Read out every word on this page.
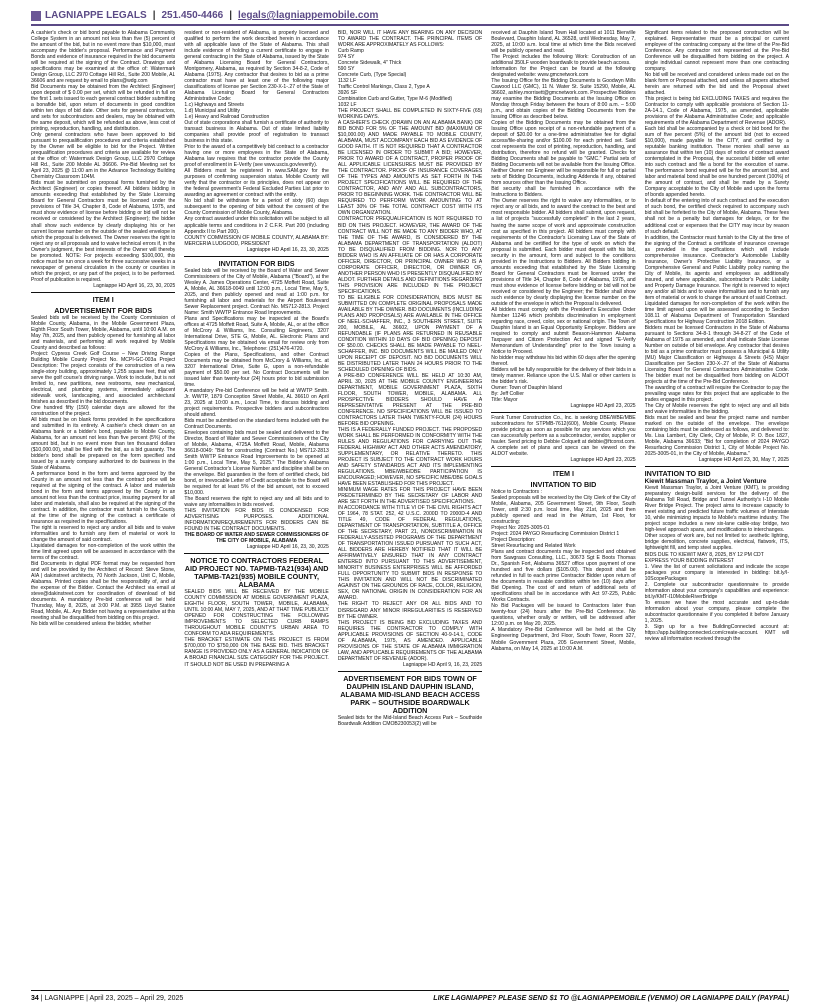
LAGNIAPPE LEGALS | 251.450-4466 | legals@lagniappemobile.com

A cashier's check or bid bond payable to Alabama Community College System in an amount not less than five (5) percent of the amount of the bid, but in no event more than $10,000, must accompany the bidder's proposal. Performance and Payment Bonds and evidence of insurance required in the bid documents will be required at the signing of the Contract. Drawings and specifications may be examined at the office of: Watermark Design Group, LLC 2970 Cottage Hill Rd., Suite 200 Mobile, AL 36606 and are request by email to plans@wdg.com

Bid Documents may be obtained from the Architect (Engineer) upon deposit of $ 0.00 per set, which will be refunded in full on the first 1 sets issued to each general contract bidder submitting a bonafide bid, upon return of documents in good condition within ten days of bid date. Other sets for general contractors, and sets for subcontractors and dealers, may be obtained with the same deposit, which will be refunded as above, less cost of printing, reproduction, handling, and distribution.

Only general contractors who have been approved to bid pursuant to prequalification procedures and criteria established by the Owner will be eligible to bid for the Project. Written prequalification procedures and criteria are available for review at the office of: Watermark Design Group, LLC 2970 Cottage Hill Rd., Suite 200 Mobile AL 36606. Pre-Bid Meeting set for April 23, 2025 @ 11:00 am in the Advance Technology Building Chemistry Classroom 104M.

Bids must be submitted on proposal forms furnished by the Architect (Engineer) or copies thereof. All bidders bidding in amounts exceeding that established by the State Licensing Board for General Contractors must be licensed under the provisions of Title 34, Chapter 8, Code of Alabama, 1975, and must show evidence of license before bidding or bid will not be received or considered by the Architect (Engineer); the bidder shall show such evidence by clearly displaying his or her current license number on the outside of the sealed envelope in which the proposal is delivered. The Owner reserves the right to reject any or all proposals and to waive technical errors if, in the Owner's judgment, the best interests of the Owner will thereby be promoted. NOTE: For projects exceeding $100,000, this notice must be run once a week for three successive weeks in a newspaper of general circulation in the county or counties in which the project, or any part of the project, is to be performed. Proof of publication is required.

Lagniappe HD April 16, 23, 30, 2025

ITEM I

ADVERTISEMENT FOR BIDS

Sealed bids will be received by the County Commission of Mobile County, Alabama, in the Mobile Government Plaza, Eighth Floor South Tower, Mobile, Alabama, until 10:00 A.M. on May 7th, 2025, and then publicly opened for furnishing all labor and materials, and performing all work required by Mobile County and described as follows:

Project: Cypress Creek Golf Course – New Driving Range Building Mobile County Project No. MCPI-GC-003a Project Description: The project consists of the construction of a new single-story building, approximately 1,255 square feet, that will serve the golf course's driving range. Work to include, but is not limited to, new partitions, new restrooms, new mechanical, electrical, and plumbing systems, immediately adjacent sidewalk work, landscaping, and associated architectural finishes as described in the bid documents.

One hundred fifty (150) calendar days are allowed for the construction of the project.

All bids must be on blank forms provided in the specifications and submitted in its entirety. A cashier's check drawn on an Alabama bank or a bidder's bond, payable to Mobile County, Alabama, for an amount not less than five percent (5%) of the amount bid, but in no event more than ten thousand dollars ($10,000.00), shall be filed with the bid, as a bid guaranty. The bidder's bond shall be prepared on the form specified and issued by a surety company authorized to do business in the State of Alabama.

A performance bond in the form and terms approved by the County in an amount not less than the contract price will be required at the signing of the contract. A labor and materials bond in the form and terms approved by the County in an amount not less than the contract price, insuring payment for all labor and materials, shall also be required at the signing of the contract. In addition, the contractor must furnish to the County at the time of the signing of the contract a certificate of insurance as required in the specifications.

The right is reserved to reject any and/or all bids and to waive informalities and to furnish any item of material or work to change the amount of said contract.

Liquidated damages for non-completion of the work within the time limit agreed upon will be assessed in accordance with the terms of the contract.

Bid Documents in digital PDF format may be requested from and will be provided by the Architect of Record: Steve Stone, AIA | dakinstreet architects, 70 North Jackson, Unit C, Mobile, Alabama. Printed copies shall be the responsibility of, and at the expense of the Bidder. Contact the Architect via email at steve@dakinstreet.com for coordination of download of bid documents. A mandatory Pre-bid conference will be held Thursday, May 8, 2025, at 3:00 P.M. at 3955 Lloyd Station Road, Mobile, AL. Any Bidder not having a representative at this meeting shall be disqualified from bidding on this project.

No bids will be considered unless the bidder, whether

resident or non-resident of Alabama, is properly licensed and qualified to perform the work described herein in accordance with all applicable laws of the State of Alabama. This shall include evidence of holding a current certificate to engage in general contracting in the State of Alabama, issued by the State of Alabama Licensing Board for General Contractors, Montgomery, Alabama, as required by Section 34-8-2, Code of Alabama (1975). Any contractor that desires to bid as a prime contractor must have at least one of the following major classifications of license per Section 230-X-1-.27 of the State of Alabama Licensing Board for General Contractors Administrative Code:

1.c) Highways and Streets

1.d) Municipal and Utility

1.e) Heavy and Railroad Construction

Out of state corporations shall furnish a certificate of authority to transact business in Alabama. Out of state limited liability companies shall provide proof of registration to transact business in this state.

Prior to the award of a competitively bid contract to a contractor having one or more employees in the State of Alabama, Alabama law requires that the contractor provide the County proof of enrollment in E-Verify (see www.uscis.gov/everify).

All Bidders must be registered in www.SAM.gov for the purposes of confirming suspension status. Mobile County will verify that the contractor or its principles, does not appear on the federal government's Federal Excluded Parties List prior to awarding an agreement or contract with the entity.

No bid shall be withdrawn for a period of sixty (60) days subsequent to the opening of bids without the consent of the County Commission of Mobile County, Alabama.

Any contract awarded under this solicitation will be subject to all applicable terms and conditions in 2 C.F.R. Part 200 (including Appendix II to Part 200).

COUNTY COMMISSION OF MOBILE COUNTY, ALABAMA BY: MERCERIA LUDGOOD, PRESIDENT

Lagniappe HD April 16, 23, 30, 2025

INVITATION FOR BIDS

Sealed bids will be received by the Board of Water and Sewer Commissioners of the City of Mobile, Alabama ("Board"), at the Wesley A. James Operations Center, 4725 Moffett Road, Suite A, Mobile, AL 36618-0049 until 12:00 p.m., Local Time, May 5, 2025, and then publicly opened and read at 1:00 p.m. for furnishing all labor and materials for the Airport Boulevard Sewer Replacement project. Contract No. MS712-2813. Project Name: Smith WWTP Entrance Road Improvements.

Plans and Specifications may be inspected at the Board's offices at 4725 Moffett Road, Suite A, Mobile, AL, or at the office of McCrory & Williams, Inc. Consulting Engineers, 3207 International Drive, STE G, Mobile, AL. Electronic Plans and Specifications may be obtained via email for review only from McCrory & Williams, Inc., Telephone: (251)476-4720.

Copies of the Plans, Specifications, and other Contract Documents may be obtained from McCrory & Williams, Inc. at 3207 International Drive, Suite G, upon a non-refundable payment of $50.00 per set. No Contract Documents will be issued later than twenty-four (24) hours prior to bid submission time.

A mandatory Pre-bid Conference will be held at WWTP Smith. Jr. WWTP, 1879 Conception Street Mobile, AL 36610 on April 23, 2025 at 10:00 a.m., Local Time, to discuss bidding and project requirements. Prospective bidders and subcontractors should attend.

Bids must be submitted on the standard forms included with the Contract Documents.

Envelopes containing bids must be sealed and delivered to the Director, Board of Water and Sewer Commissioners of the City of Mobile, Alabama, 4725A Moffett Road, Mobile, Alabama 36618-0049: "Bid for constructing (Contract No.) MS712-2813 Smith WWTP Entrance Road Improvements to be opened at 1:00 p.m., Local Time, May 5, 2025." The Bidder's Alabama General Contractor's License Number and discipline shall be on the envelope. Bid guaranties in the form of certified check, bid bond, or irrevocable Letter of Credit acceptable to the Board will be required for at least 5% of the bid amount, not to exceed $10,000.

The Board reserves the right to reject any and all bids and to waive any informalities in bids received.

THIS INVITATION FOR BIDS IS CONDENSED FOR ADVERTISING PURPOSES. ADDITIONAL INFORMATION/REQUIREMENTS FOR BIDDERS CAN BE FOUND IN THE CONTRACT DOCUMENTS.

THE BOARD OF WATER AND SEWER COMMISSIONERS OF THE CITY OF MOBILE, ALABAMA

Lagniappe HD April 16, 23, 30, 2025

NOTICE TO CONTRACTORS FEDERAL AID PROJECT NO. TAPMB-TA21(934) AND TAPMB-TA21(935) MOBILE COUNTY, ALABAMA

SEALED BIDS WILL BE RECEIVED BY THE MOBILE COUNTY COMMISSION AT MOBILE GOVERNMENT PLAZA, EIGHTH FLOOR, SOUTH TOWER, MOBILE, ALABAMA, UNTIL 10:00 AM, MAY 7, 2025, AND AT THAT TIME PUBLICLY OPENED FOR CONSTRUCTING THE FOLLOWING IMPROVEMENTS TO SELECTED CURB RAMPS THROUGHOUT MOBILE COUNTY'S URBAN AREA TO CONFORM TO ADA REQUIREMENTS.

THE BRACKET ESTIMATE ON THIS PROJECT IS FROM $700,000 TO $750,000 ON THE BASE BID. THIS BRACKET RANGE IS PROVIDED ONLY AS A GENERAL INDICATION OF A BROAD FINANCIAL SIZE CATEGORY FOR THE PROJECT. IT SHOULD NOT BE USED IN PREPARING A

BID, NOR WILL IT HAVE ANY BEARING ON ANY DECISION TO AWARD THE CONTRACT. THE PRINCIPAL ITEMS OF WORK ARE APPROXIMATELY AS FOLLOWS:

Curb Ramp

974 SY

Concrete Sidewalk, 4" Thick

590 SY

Concrete Curb, (Type Special)

1132 LF

Traffic Control Markings, Class 2, Type A

3926 SF

Combination Curb and Gutter, Type M-6 (Modified)

1032 LF

THE PROJECT SHALL BE COMPLETED IN SIXTY-FIVE (65) WORKING DAYS.

A CASHIER'S CHECK (DRAWN ON AN ALABAMA BANK) OR BID BOND FOR 5% OF THE AMOUNT BID (MAXIMUM OF $10,000.00) AND MADE PAYABLE TO MOBILE COUNTY, ALABAMA, MUST ACCOMPANY EACH BID AS EVIDENCE OF GOOD FAITH. IT IS NOT REQUIRED THAT A CONTRACTOR BE LICENSED IN ORDER TO SUBMIT A BID; HOWEVER, PRIOR TO AWARD OF A CONTRACT, PROPER PROOF OF ALL APPLICABLE LICENSURES MUST BE PROVIDED BY THE CONTRACTOR. PROOF OF INSURANCE COVERAGES OF THE TYPES AND AMOUNTS AS SET FORTH IN THE PROJECT SPECIFICATIONS WILL BE REQUIRED OF THE CONTRACTOR, AND ANY AND ALL SUBCONTRACTORS, PRIOR TO BEGINNING WORK. THE CONTRACTOR WILL BE REQUIRED TO PERFORM WORK AMOUNTING TO AT LEAST 30% OF THE TOTAL CONTRACT COST WITH ITS OWN ORGANIZATION.

CONTRACTOR PREQUALIFICATION IS NOT REQUIRED TO BID ON THIS PROJECT. HOWEVER, THE AWARD OF THE CONTRACT WILL NOT BE MADE TO ANY BIDDER WHO, AT THE TIME OF THE AWARD, IS CONSIDERED BY THE ALABAMA DEPARTMENT OF TRANSPORTATION (ALDOT) TO BE DISQUALIFIED FROM BIDDING. NOR TO ANY BIDDER WHO IS AN AFFILIATE OF OR HAS A CORPORATE OFFICER, DIRECTOR, OR PRINCIPAL OWNER WHO IS A CORPORATE OFFICER, DIRECTOR, OR OWNER OF, ANOTHER PERSON WHO IS PRESENTLY DISQUALIFIED BY ALDOT. FURTHER DETAILS AND DEFINITIONS REGARDING THIS PROVISION ARE INCLUDED IN THE PROJECT SPECIFICATIONS.

TO BE ELIGIBLE FOR CONSIDERATION, BIDS MUST BE SUBMITTED ON COMPLETE ORIGINAL PROPOSALS MADE AVAILABLE BY THE OWNER. BID DOCUMENTS (INCLUDING PLANS AND PROPOSALS) ARE AVAILABLE IN THE OFFICE OF NEEL-SCHAFFER, INC., 3 SOUTHERN STREET, SUITE 200, MOBILE, AL 36602, UPON PAYMENT OF A REFUNDABLE (IF PLANS ARE RETURNED IN REUSABLE CONDITION WITHIN 10 DAYS OF BID OPENING) DEPOSIT OF $50.00. CHECKS SHALL BE MADE PAYABLE TO NEEL-SCHAFFER, INC. BID DOCUMENTS WILL BE MAILED ONLY UPON RECEIPT OF DEPOSIT. NO BID DOCUMENTS WILL BE DISTRIBUTED LATER THAN 24 HOURS PRIOR TO THE SCHEDULED OPENING OF BIDS.

A PRE-BID CONFERENCE WILL BE HELD AT 10:30 AM, APRIL 30, 2025 AT THE MOBILE COUNTY ENGINEERING DEPARTMENT, MOBILE GOVERNMENT PLAZA, SIXTH FLOOR, SOUTH TOWER, MOBILE, ALABAMA. ALL PROSPECTIVE BIDDERS SHOULD HAVE A REPRESENTATIVE PRESENT AT THE PRE-BID CONFERENCE. NO SPECIFICATIONS WILL BE ISSUED TO CONTRACTORS LATER THAN TWENTY-FOUR (24) HOURS BEFORE BID OPENING.

THIS IS A FEDERALLY FUNDED PROJECT. THE PROPOSED WORK SHALL BE PERFORMED IN CONFORMITY WITH THE RULES AND REGULATIONS FOR CARRYING OUT THE FEDERAL HIGHWAY ACT AND OTHER ACTS AMENDATORY, SUPPLEMENTARY, OR RELATIVE THERETO. THIS PROJECT IS SUBJECT TO THE CONTRACT WORK HOURS AND SAFETY STANDARDS ACT AND ITS IMPLEMENTING REGULATIONS. MBE/WBE/DBE PARTICIPATION IS ENCOURAGED; HOWEVER, NO SPECIFIC MBE/DBE GOALS HAVE BEEN ESTABLISHED FOR THIS PROJECT.

MINIMUM WAGE RATES FOR THIS PROJECT HAVE BEEN PREDETERMINED BY THE SECRETARY OF LABOR AND ARE SET FORTH IN THE ADVERTISED SPECIFICATIONS.

IN ACCORDANCE WITH TITLE VI OF THE CIVIL RIGHTS ACT OF 1964, 78 STAT. 252, 42 U.S.C. 2000D TO 2000D-4 AND TITLE 49, CODE OF FEDERAL REGULATIONS, DEPARTMENT OF TRANSPORTATION, SUBTITLE A, OFFICE OF THE SECRETARY, PART 21, NONDISCRIMINATION IN FEDERALLY-ASSISTED PROGRAMS OF THE DEPARTMENT OF TRANSPORTATION ISSUED PURSUANT TO SUCH ACT, ALL BIDDERS ARE HEREBY NOTIFIED THAT IT WILL BE AFFIRMATIVELY ENSURED THAT IN ANY CONTRACT ENTERED INTO PURSUANT TO THIS ADVERTISEMENT, MINORITY BUSINESS ENTERPRISES WILL BE AFFORDED FULL OPPORTUNITY TO SUBMIT BIDS IN RESPONSE TO THIS INVITATION AND WILL NOT BE DISCRIMINATED AGAINST ON THE GROUNDS OF RACE, COLOR, RELIGION, SEX, OR NATIONAL ORIGIN IN CONSIDERATION FOR AN AWARD.

THE RIGHT TO REJECT ANY OR ALL BIDS AND TO DISREGARD ANY MINOR IRREGULARITIES IS RESERVED BY THE OWNER.

THIS PROJECT IS BEING BID EXCLUDING TAXES AND REQUIRES THE CONTRACTOR TO COMPLY WITH APPLICABLE PROVISIONS OF SECTION 40-9-14.1, CODE OF ALABAMA, 1975, AS AMENDED. APPLICABLE PROVISIONS OF THE STATE OF ALABAMA IMMIGRATION LAW, AND APPLICABLE REQUIREMENTS OF THE ALABAMA DEPARTMENT OF REVENUE (ADOR).

Lagniappe HD April 9, 16, 23, 2025

ADVERTISEMENT FOR BIDS TOWN OF DAUPHIN ISLAND DAUPHIN ISLAND, ALABAMA MID-ISLAND BEACH ACCESS PARK – SOUTHSIDE BOARDWALK ADDITION

Sealed bids for the Mid-Island Beach Access Park – Southside Boardwalk Addition CMOB230053(2) will be

received at Dauphin Island Town Hall located at 1011 Bienville Boulevard, Dauphin Island, AL 36528, until Wednesday, May 7, 2025, at 10:00 a.m. local time at which time the Bids received will be publicly opened and read.

The Project includes the following Work: Construction of an additional 350LF wooden boardwalk to provide beach access.

Information for the Project can be found at the following designated website: www.gmcnetwork.com

The Issuing Office for the Bidding Documents is Goodwyn Mills Cawood LLC (GMC), 11 N. Water St. Suite 15290, Mobile, AL 36602, ashley.morrisett@gmcnetwork.com. Prospective Bidders may examine the Bidding Documents at the Issuing Office on Monday through Friday between the hours of 8:00 a.m. – 5:00 p.m., and obtain copies of the Bidding Documents from the Issuing Office as described below.

Copies of the Bidding Documents may be obtained from the Issuing Office upon receipt of a non-refundable payment of a deposit of $20.00 for a one-time administrative fee for digital access/file-sharing and/or $100.00 for each printed set. Said cost represents the cost of printing, reproduction, handling, and distribution, therefore no refund will be granted. Checks for Bidding Documents shall be payable to "GMC." Partial sets of Bidding Documents will not be available from the Issuing Office. Neither Owner nor Engineer will be responsible for full or partial sets of Bidding Documents, including Addenda if any, obtained from sources other than the Issuing Office.

Bid security shall be furnished in accordance with the Instructions to Bidders.

The Owner reserves the right to waive any informalities, or to reject any or all bids, and to award the contract to the best and most responsible bidder. All bidders shall submit, upon request, a list of projects "successfully completed" in the last 2 years, having the same scope of work and approximate construction cost as specified in this project. All bidders must comply with requirements of the Contractor's Licensing Law of the State of Alabama and be certified for the type of work on which the proposal is submitted. Each bidder must deposit with his bid, security in the amount, form and subject to the conditions provided in the Instructions to Bidders. All Bidders bidding in amounts exceeding that established by the State Licensing Board for General Contractors must be licensed under the provisions of Title 34, Chapter 8, Code of Alabama, 1975, and must show evidence of license before bidding or bid will not be received or considered by the Engineer; the Bidder shall show such evidence by clearly displaying the license number on the outside of the envelope in which the Proposal is delivered.

All bidders must comply with the President's Executive Order Number 11246 which prohibits discrimination in employment regarding race, creed, color, sex or national origin. The Town of Dauphin Island is an Equal Opportunity Employer. Bidders are required to comply and submit Beason-Hammon Alabama Taxpayer and Citizen Protection Act and signed "E-Verify Memorandum of Understanding" prior to the Town issuing a Notice to Proceed.

No bidder may withdraw his bid within 60 days after the opening thereof.

Bidders will be fully responsible for the delivery of their bids in a timely manner. Reliance upon the U.S. Mail or other carriers is the bidder's risk.

Owner: Town of Dauphin Island

By: Jeff Collier

Title: Mayor

Lagniappe HD April 23, 2025

Frank Turner Construction Co., Inc. is seeking DBE/WBE/MBE subcontractors for STPMB-7612(600), Mobile County. Please provide pricing as soon as possible for any services which you can successfully perform as a subcontractor, vendor, supplier or hauler. Send pricing to Debbie Colquett at debbie@ftconst.com. A complete set of plans and specs can be viewed on the ALDOT website.

Lagniappe HD April 23, 2025

ITEM I

INVITATION TO BID

Notice to Contractors :

Sealed proposals will be received by the City Clerk of the City of Mobile, Alabama, 205 Government Street, 9th Floor, South Tower, until 2:30 p.m. local time, May 21st, 2025 and then publicly opened and read in the Atrium, 1st Floor, for constructing:

Project No: 2025-3005-01

Project: 2024 PAYGO Resurfacing Commission District 1

Project Description:

Street Resurfacing and Related Work

Plans and contract documents may be inspected and obtained from Sawgrass Consulting, LLC., 30673 Sgt E Boots Thomas Dr., Spanish Fort, Alabama 36527 office upon payment of one hundred and five dollars ($105.00). This deposit shall be refunded in full to each prime Contractor Bidder upon return of the documents in reusable condition within ten (10) days after Bid Opening. The cost of and return of additional sets of specifications shall be in accordance with Act 97-225, Public Works Contracts.

No Bid Packages will be issued to Contractors later than twenty-four (24) hours after the Pre-Bid Conference. No questions, whether orally or written, will be addressed after 12:00 p.m. on May 20, 2025.

A Mandatory Pre-Bid Conference will be held at the City Engineering Department, 3rd Floor, South Tower, Room 327, Mobile Government Plaza, 205 Government Street, Mobile, Alabama, on May 14, 2025 at 10:00 A.M.

Significant items related to the proposed construction will be explained. Representative must be a principal or current employee of the contracting company at the time of the Pre-Bid Conference. Any contractor not represented at the Pre-Bid Conference will be disqualified from bidding on the project. A single individual cannot represent more than one contracting company.

No bid will be received and considered unless made out on the blank form or Proposal attached, and unless all papers attached herein are returned with the bid and the Proposal sheet attached.

This project is being bid EXCLUDING TAXES and requires the Contractor to comply with applicable provisions of Section 11-2A-14.1, Code of Alabama, 1975, as amended, applicable provisions of the Alabama Administrative Code; and applicable requirements of the Alabama Department of Revenue (ADOR).

Each bid shall be accompanied by a check or bid bond for the sum of five percent (5%) of the amount bid (not to exceed $10,000), made payable to the CITY, and certified by a reputable banking institution. These monies shall serve as assurance that within ten (10) days of notice of contract award contemplated in the Proposal, the successful bidder will enter into such contract and file a bond for the execution of same. The performance bond required will be for the amount bid, and labor and material bond shall be one hundred percent (100%) of the amount of contract, and shall be made by a Surety Company acceptable to the City of Mobile and upon the forms of bonds appended hereto.

In default of the entering into of such contract and the execution of such bond, the certified check required to accompany such bid shall be forfeited to the City of Mobile, Alabama. These fees shall not be a penalty but damages for delays, or for the additional cost or expenses that the CITY may incur by reason of such default.

In addition, the Contractor must furnish to the City at the time of the signing of the Contract a certificate of insurance coverage as provided in the specifications which will include comprehensive insurance. Contractor's Automobile Liability Insurance, Owner's Protective Liability Insurance, or a Comprehensive General and Public Liability policy naming the City of Mobile, its agents and employees as additionally insured, and where applicable, subcontractor's Public Liability and Property Damage Insurance. The right is reserved to reject any and/or all bids and to waive informalities and to furnish any item of material or work to change the amount of said Contract.

Liquidated damages for non-completion of the work within the time limit agreed upon will be assessed according to Section 108.11 of Alabama Department of Transportation Standard Specifications for Highway Construction 2018 Edition.

Bidders must be licensed Contractors in the State of Alabama pursuant to Sections 34-8-1 through 34-8-27 of the Code of Alabama of 1975 as amended, and shall indicate State License Number on outside of bid envelope. Any contractor that desires to bid as a prime contractor must possess a Municipal & Utility (MU) Major Classification or Highways & Streets (HS) Major Classification per Section 230-X-.27 of the State of Alabama Licensing Board for General Contractors Administrative Code. The bidder must not be disqualified from bidding on ALDOT projects at the time of the Pre-Bid Conference.

The awarding of a contract will require the Contractor to pay the prevailing wage rates for this project that are applicable to the trades engaged in this project.

The City of Mobile reserves the right to reject any and all bids and waive informalities in the bidding.

Bids must be sealed and bear the project name and number marked on the outside of the envelope. The envelope containing bids must be addressed as follows, and delivered to: Ms. Lisa Lambert, City Clerk, City of Mobile, P. O. Box 1827, Mobile, Alabama 36633; "Bid for completion of 2024 PAYGO Resurfacing Commission District 1, City of Mobile Project No. 2025-3005-01, in the City of Mobile, Alabama."

Lagniappe HD April 23, 30, May 7, 2025

INVITATION TO BID

Kiewit Massman Traylor, a Joint Venture

Kiewit Massman Traylor, a Joint Venture (KMT), is providing preparatory design-build services for the delivery of the Alabama Toll Road, Bridge and Tunnel Authority's I-10 Mobile River Bridge Project. The project aims to increase capacity to meet existing and predicted future traffic volumes of Interstate 10, while minimizing impacts to Mobile's maritime industry. The project scope includes a new six-lane cable-stay bridge, two high-level approach spans, and modifications to interchanges.

Other scopes of work are, but not limited to: aesthetic lighting, bridge demolition, concrete supplies, electrical, flatwork, ITS, lightweight fill, and temp steel supplies.

BIDS DUE TO KIEWIT MAY 8, 2025, BY 12 PM CDT

EXPRESS YOUR BIDDING INTEREST

1. View the list of current solicitations and indicate the scope packages your company is interested in bidding: bit.ly/I-10ScopePackages

2. Complete our subcontractor questionnaire to provide information about your company's capabilities and experience: bit.ly/KMT-I10MobileRiverBridge

To ensure we have the most accurate and up-to-date information about your company, please complete the subcontractor questionnaire if you completed it before January 1, 2025.

3. Sign up for a free BuildingConnected account at: https://app.buildingconnected.com/create-account. KMT will review all information received through the

34 | LAGNIAPPE | April 23, 2025 – April 29, 2025	LIKE LAGNIAPPE? PLEASE SEND $1 TO @LAGNIAPPEMOBILE (VENMO) OR LAGNIAPPE DAILY (PAYPAL)
